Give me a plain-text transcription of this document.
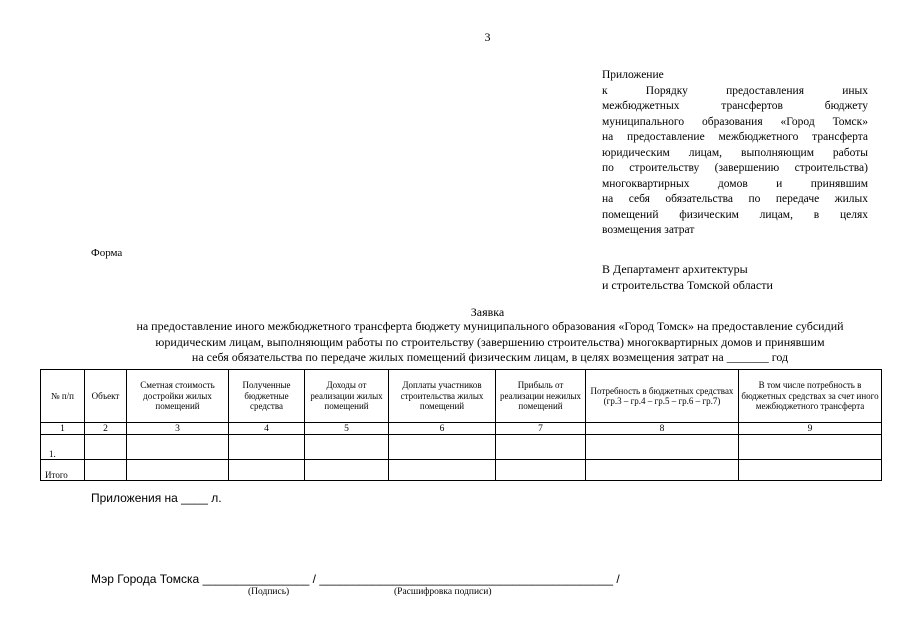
3
Приложение
к Порядку предоставления иных
межбюджетных трансфертов бюджету
муниципального образования «Город Томск»
на предоставление межбюджетного трансферта
юридическим лицам, выполняющим работы
по строительству (завершению строительства)
многоквартирных домов и принявшим
на себя обязательства по передаче жилых
помещений физическим лицам, в целях
возмещения затрат
Форма
В Департамент архитектуры
и строительства Томской области
Заявка
на предоставление иного межбюджетного трансферта бюджету муниципального образования «Город Томск» на предоставление субсидий
юридическим лицам, выполняющим работы по строительству (завершению строительства) многоквартирных домов и принявшим
на себя обязательства по передаче жилых помещений физическим лицам, в целях возмещения затрат на _______ год
№ п/п	Объект	Сметная стоимость достройки жилых помещений	Полученные бюджетные средства	Доходы от реализации жилых помещений	Доплаты участников строительства жилых помещений	Прибыль от реализации нежилых помещений	Потребность в бюджетных средствах (гр.3 – гр.4 – гр.5 – гр.6 – гр.7)	В том числе потребность в бюджетных средствах за счет иного межбюджетного трансферта
1	2	3	4	5	6	7	8	9
1.								
Итого								
Приложения на ____ л.
Мэр Города Томска ________________ / ____________________________________________ /
(Подпись)	(Расшифровка подписи)
